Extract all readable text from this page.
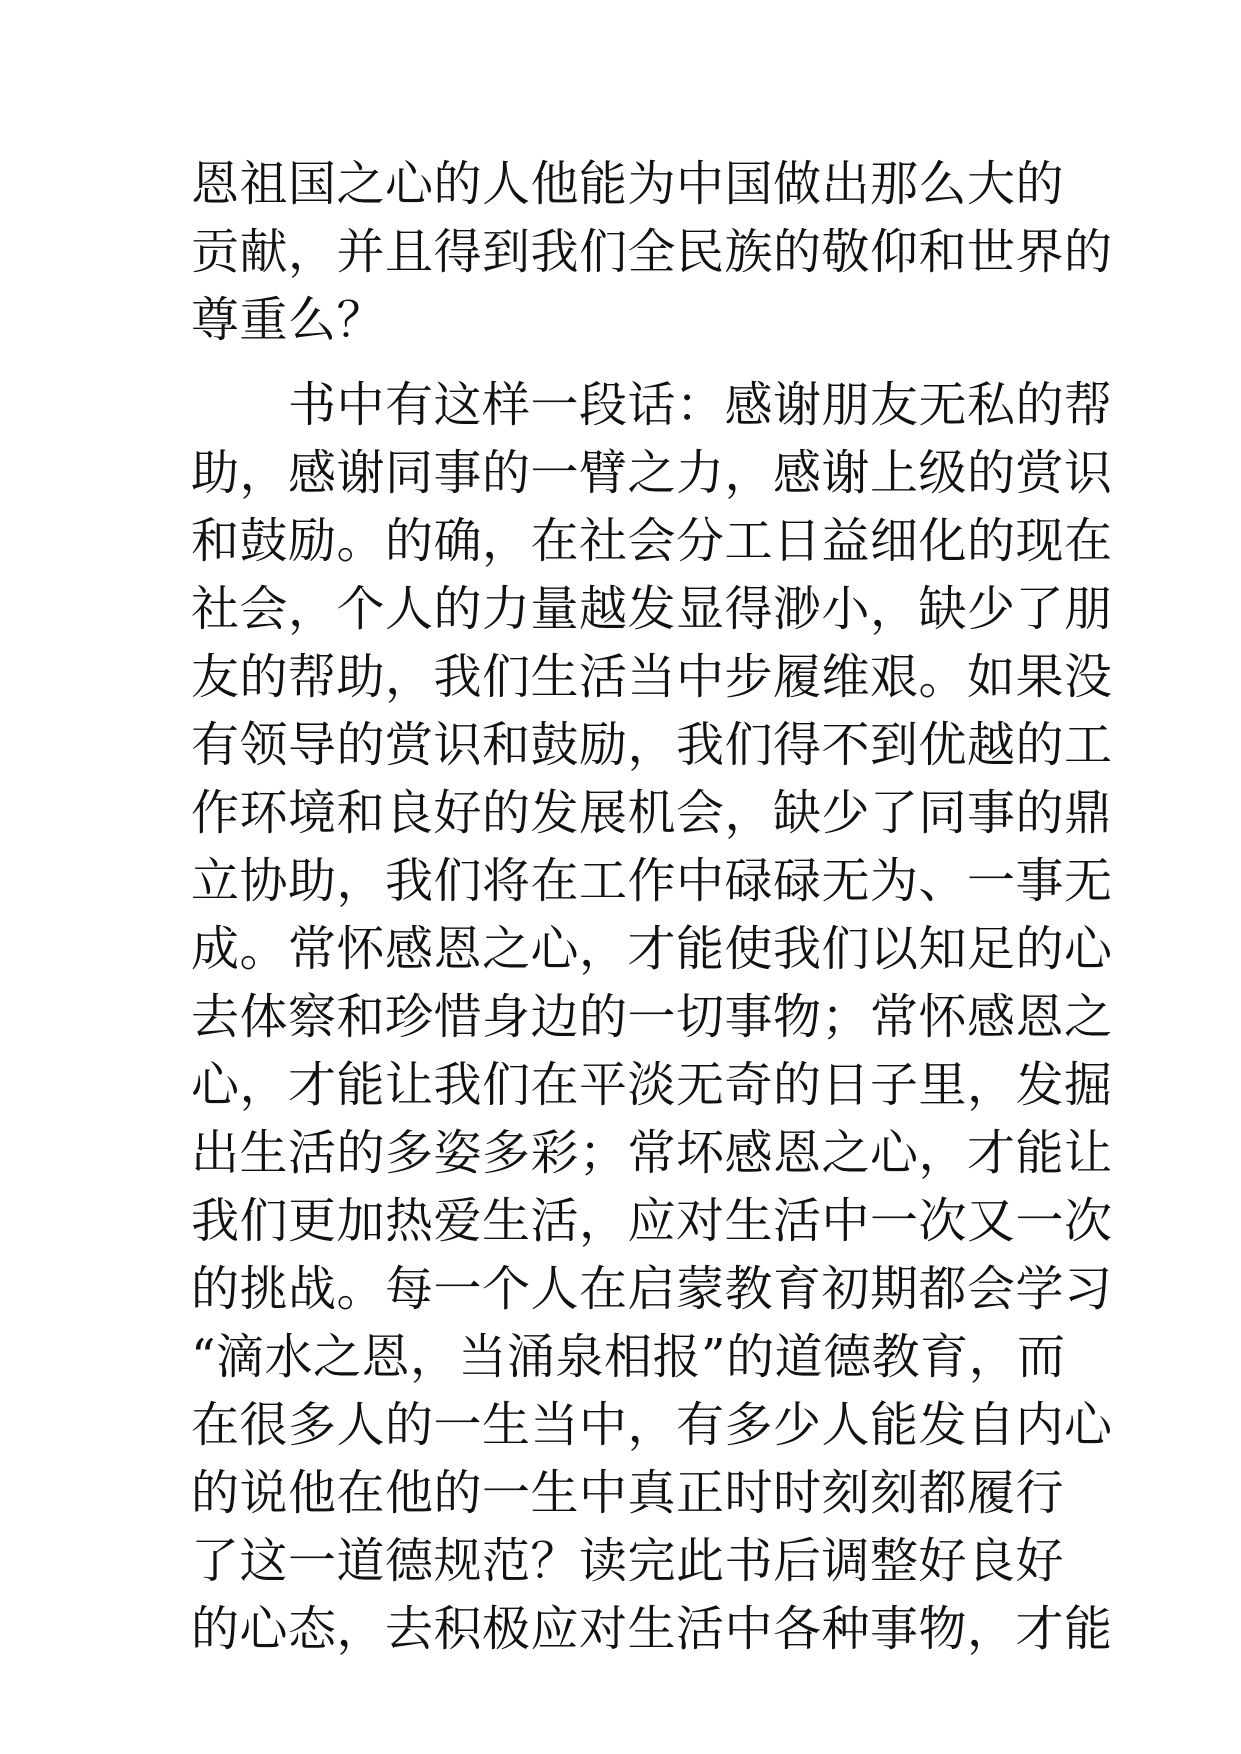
恩祖国之心的人他能为中国做出那么大的
贡献，并且得到我们全民族的敬仰和世界的
尊重么？
　　书中有这样一段话：感谢朋友无私的帮
助，感谢同事的一臂之力，感谢上级的赏识
和鼓励。的确，在社会分工日益细化的现在
社会，个人的力量越发显得渺小，缺少了朋
友的帮助，我们生活当中步履维艰。如果没
有领导的赏识和鼓励，我们得不到优越的工
作环境和良好的发展机会，缺少了同事的鼎
立协助，我们将在工作中碌碌无为、一事无
成。常怀感恩之心，才能使我们以知足的心
去体察和珍惜身边的一切事物；常怀感恩之
心，才能让我们在平淡无奇的日子里，发掘
出生活的多姿多彩；常坏感恩之心，才能让
我们更加热爱生活，应对生活中一次又一次
的挑战。每一个人在启蒙教育初期都会学习
“滴水之恩，当涌泉相报”的道德教育，而
在很多人的一生当中，有多少人能发自内心
的说他在他的一生中真正时时刻刻都履行
了这一道德规范？读完此书后调整好良好
的心态，去积极应对生活中各种事物，才能
